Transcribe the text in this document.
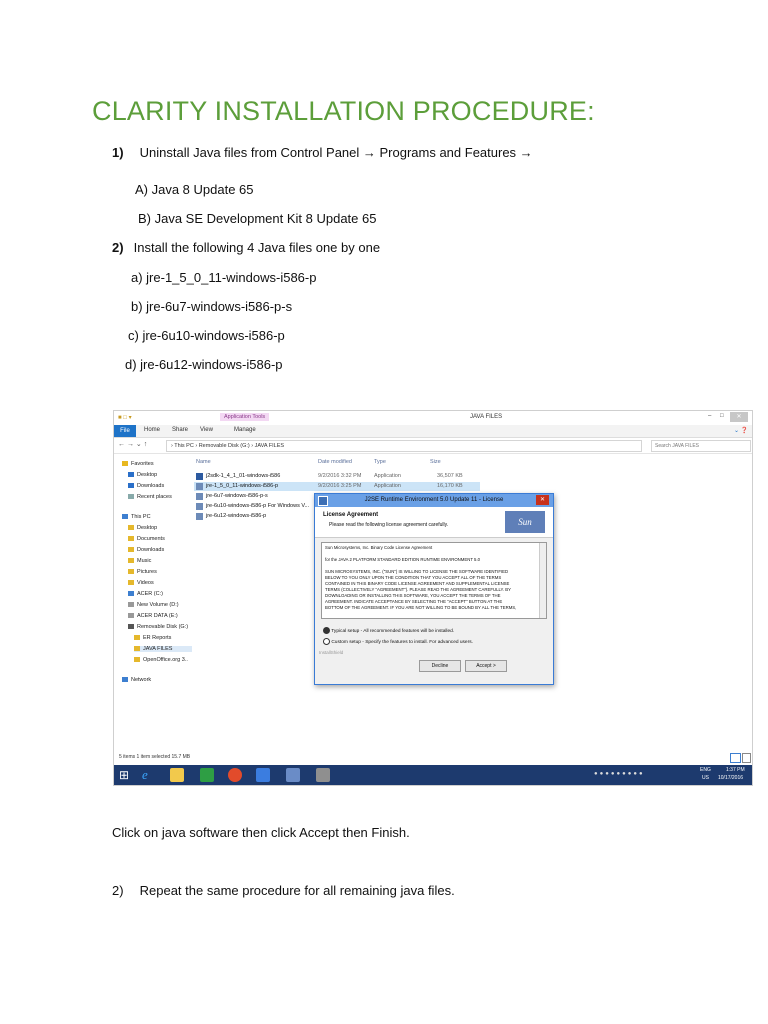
CLARITY INSTALLATION PROCEDURE:
1) Uninstall Java files from Control Panel → Programs and Features →
A) Java 8 Update 65
B) Java SE Development Kit 8 Update 65
2) Install the following 4 Java files one by one
a) jre-1_5_0_11-windows-i586-p
b) jre-6u7-windows-i586-p-s
c) jre-6u10-windows-i586-p
d) jre-6u12-windows-i586-p
■ □ ▾	Application Tools	JAVA FILES	– □	✕
File	Home Share View	Manage	⌄ ❓
← → ⌄ ↑	› This PC › Removable Disk (G:) › JAVA FILES	Search JAVA FILES
Favorites
Desktop
Downloads
Recent places
This PC
Desktop
Documents
Downloads
Music
Pictures
Videos
ACER (C:)
New Volume (D:)
ACER DATA (E:)
Removable Disk (G:)
ER Reports
JAVA FILES
OpenOffice.org 3..
Network
Name	Date modified	Type	Size
j2sdk-1_4_1_01-windows-i586	9/2/2016 3:32 PM Application	36,507 KB
jre-1_5_0_11-windows-i586-p	9/2/2016 3:25 PM Application	16,170 KB
jre-6u7-windows-i586-p-s
jre-6u10-windows-i586-p For Windows V...
jre-6u12-windows-i586-p
J2SE Runtime Environment 5.0 Update 11 - License	✕
License Agreement
Please read the following license agreement carefully.	Sun
Sun Microsystems, Inc. Binary Code License Agreement
for the JAVA 2 PLATFORM STANDARD EDITION RUNTIME ENVIRONMENT 5.0
SUN MICROSYSTEMS, INC. ("SUN") IS WILLING TO LICENSE THE SOFTWARE IDENTIFIED
BELOW TO YOU ONLY UPON THE CONDITION THAT YOU ACCEPT ALL OF THE TERMS
CONTAINED IN THIS BINARY CODE LICENSE AGREEMENT AND SUPPLEMENTAL LICENSE
TERMS (COLLECTIVELY "AGREEMENT"). PLEASE READ THE AGREEMENT CAREFULLY. BY
DOWNLOADING OR INSTALLING THIS SOFTWARE, YOU ACCEPT THE TERMS OF THE
AGREEMENT. INDICATE ACCEPTANCE BY SELECTING THE "ACCEPT" BUTTON AT THE
BOTTOM OF THE AGREEMENT. IF YOU ARE NOT WILLING TO BE BOUND BY ALL THE TERMS,
Typical setup - All recommended features will be installed.
Custom setup - Specify the features to install. For advanced users.
InstallShield
Decline	Accept >
5 items 1 item selected 15.7 MB
⊞ e	●●●●●●●●●
ENG
US
1:37 PM
10/17/2016
Click on java software then click Accept then Finish.
2) Repeat the same procedure for all remaining java files.
